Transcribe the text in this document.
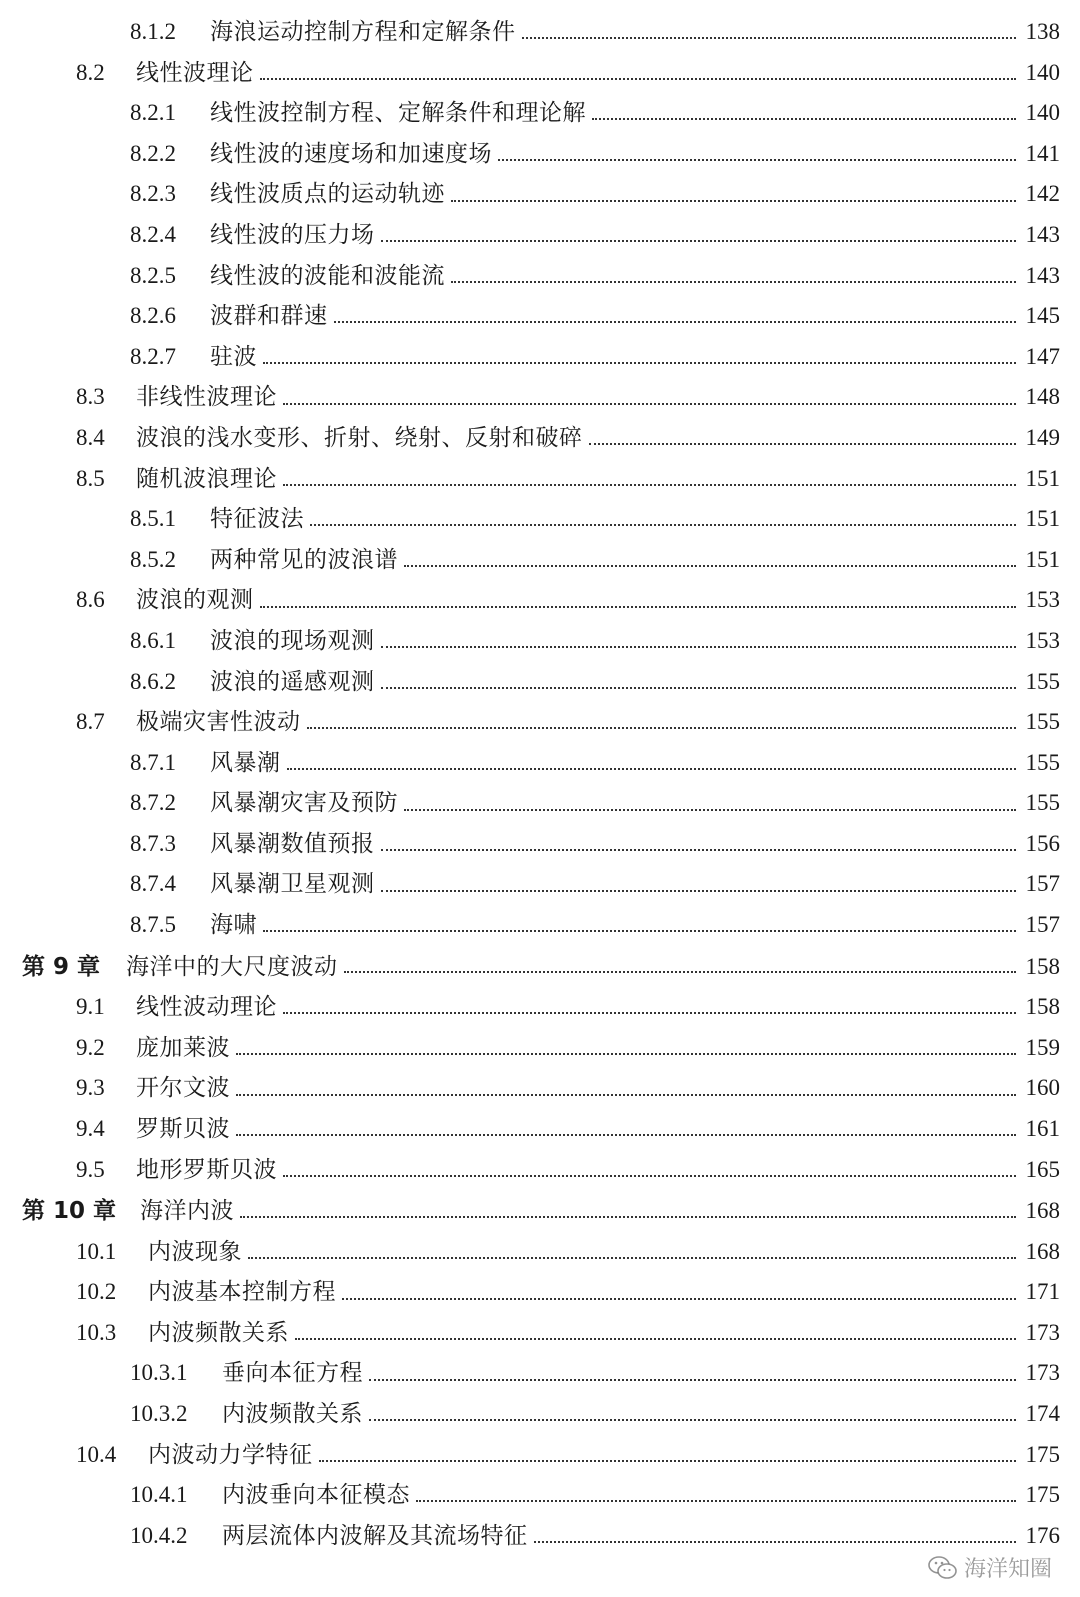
8.1.2	海浪运动控制方程和定解条件	138
8.2	线性波理论	140
8.2.1	线性波控制方程、定解条件和理论解	140
8.2.2	线性波的速度场和加速度场	141
8.2.3	线性波质点的运动轨迹	142
8.2.4	线性波的压力场	143
8.2.5	线性波的波能和波能流	143
8.2.6	波群和群速	145
8.2.7	驻波	147
8.3	非线性波理论	148
8.4	波浪的浅水变形、折射、绕射、反射和破碎	149
8.5	随机波浪理论	151
8.5.1	特征波法	151
8.5.2	两种常见的波浪谱	151
8.6	波浪的观测	153
8.6.1	波浪的现场观测	153
8.6.2	波浪的遥感观测	155
8.7	极端灾害性波动	155
8.7.1	风暴潮	155
8.7.2	风暴潮灾害及预防	155
8.7.3	风暴潮数值预报	156
8.7.4	风暴潮卫星观测	157
8.7.5	海啸	157
第 9 章	海洋中的大尺度波动	158
9.1	线性波动理论	158
9.2	庞加莱波	159
9.3	开尔文波	160
9.4	罗斯贝波	161
9.5	地形罗斯贝波	165
第 10 章	海洋内波	168
10.1	内波现象	168
10.2	内波基本控制方程	171
10.3	内波频散关系	173
10.3.1	垂向本征方程	173
10.3.2	内波频散关系	174
10.4	内波动力学特征	175
10.4.1	内波垂向本征模态	175
10.4.2	两层流体内波解及其流场特征	176
海洋知圈
